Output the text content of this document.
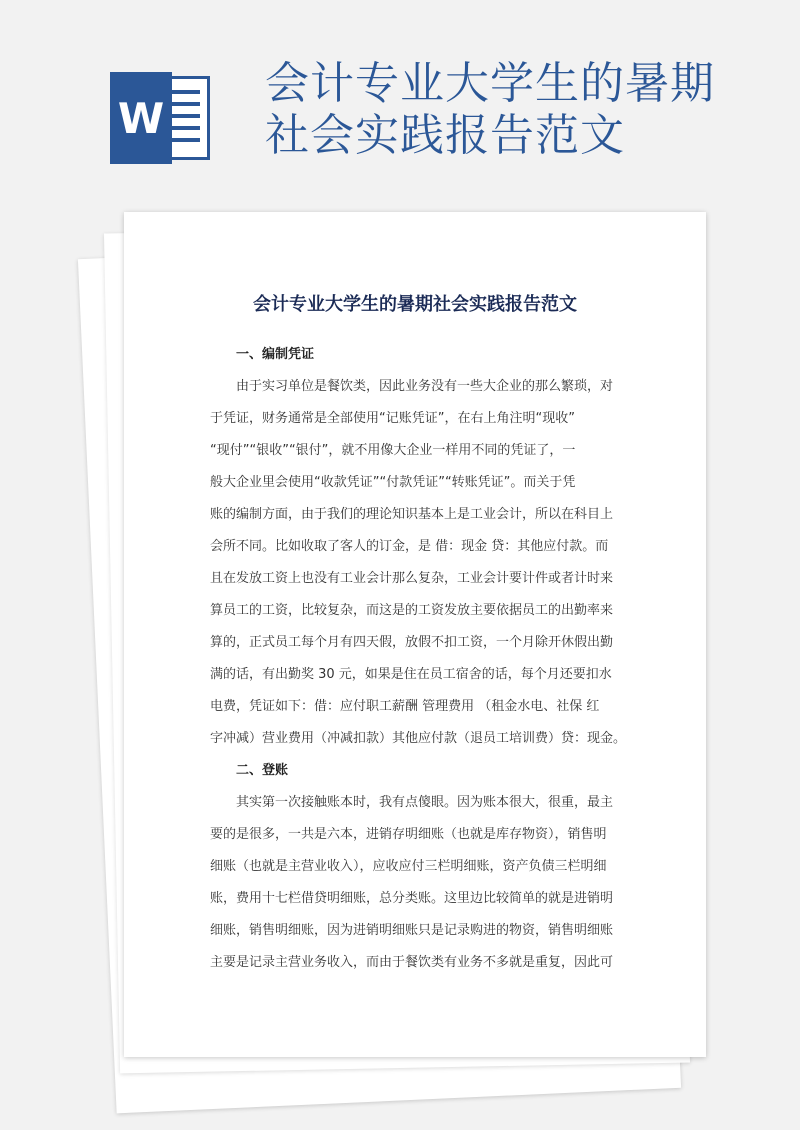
W
会计专业大学生的暑期
社会实践报告范文
会计专业大学生的暑期社会实践报告范文
一、编制凭证
由于实习单位是餐饮类，因此业务没有一些大企业的那么繁琐，对
于凭证，财务通常是全部使用“记账凭证”，在右上角注明“现收”
“现付”“银收”“银付”，就不用像大企业一样用不同的凭证了，一
般大企业里会使用“收款凭证”“付款凭证”“转账凭证”。而关于凭
账的编制方面，由于我们的理论知识基本上是工业会计，所以在科目上
会所不同。比如收取了客人的订金，是 借：现金 贷：其他应付款。而
且在发放工资上也没有工业会计那么复杂，工业会计要计件或者计时来
算员工的工资，比较复杂，而这是的工资发放主要依据员工的出勤率来
算的，正式员工每个月有四天假，放假不扣工资，一个月除开休假出勤
满的话，有出勤奖 30 元，如果是住在员工宿舍的话，每个月还要扣水
电费，凭证如下：借：应付职工薪酬 管理费用 （租金水电、社保 红
字冲减）营业费用（冲减扣款）其他应付款（退员工培训费）贷：现金。
二、登账
其实第一次接触账本时，我有点傻眼。因为账本很大，很重，最主
要的是很多，一共是六本，进销存明细账（也就是库存物资），销售明
细账（也就是主营业收入），应收应付三栏明细账，资产负债三栏明细
账，费用十七栏借贷明细账，总分类账。这里边比较简单的就是进销明
细账，销售明细账，因为进销明细账只是记录购进的物资，销售明细账
主要是记录主营业务收入，而由于餐饮类有业务不多就是重复，因此可
